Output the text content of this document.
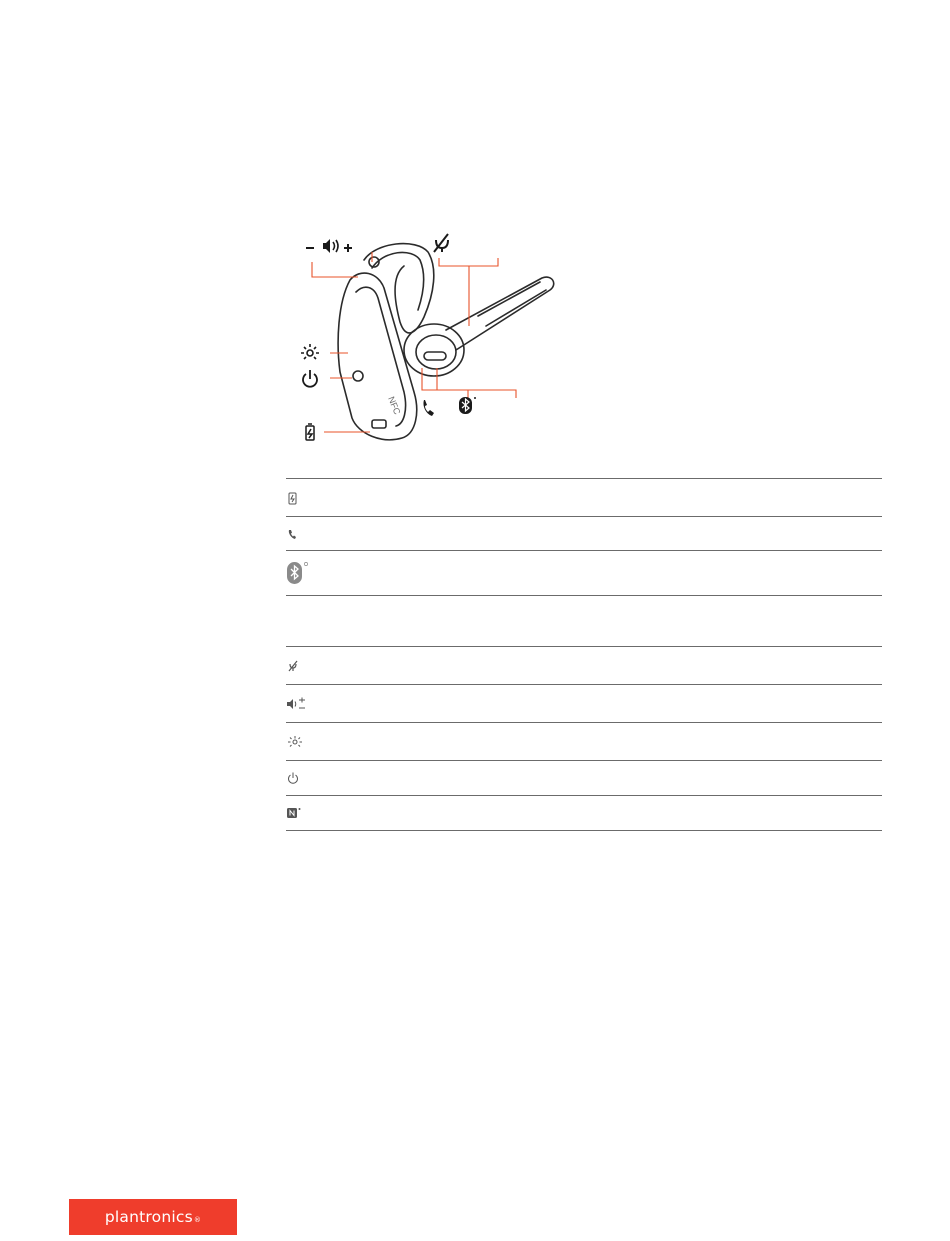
NFC

plantronics ®
